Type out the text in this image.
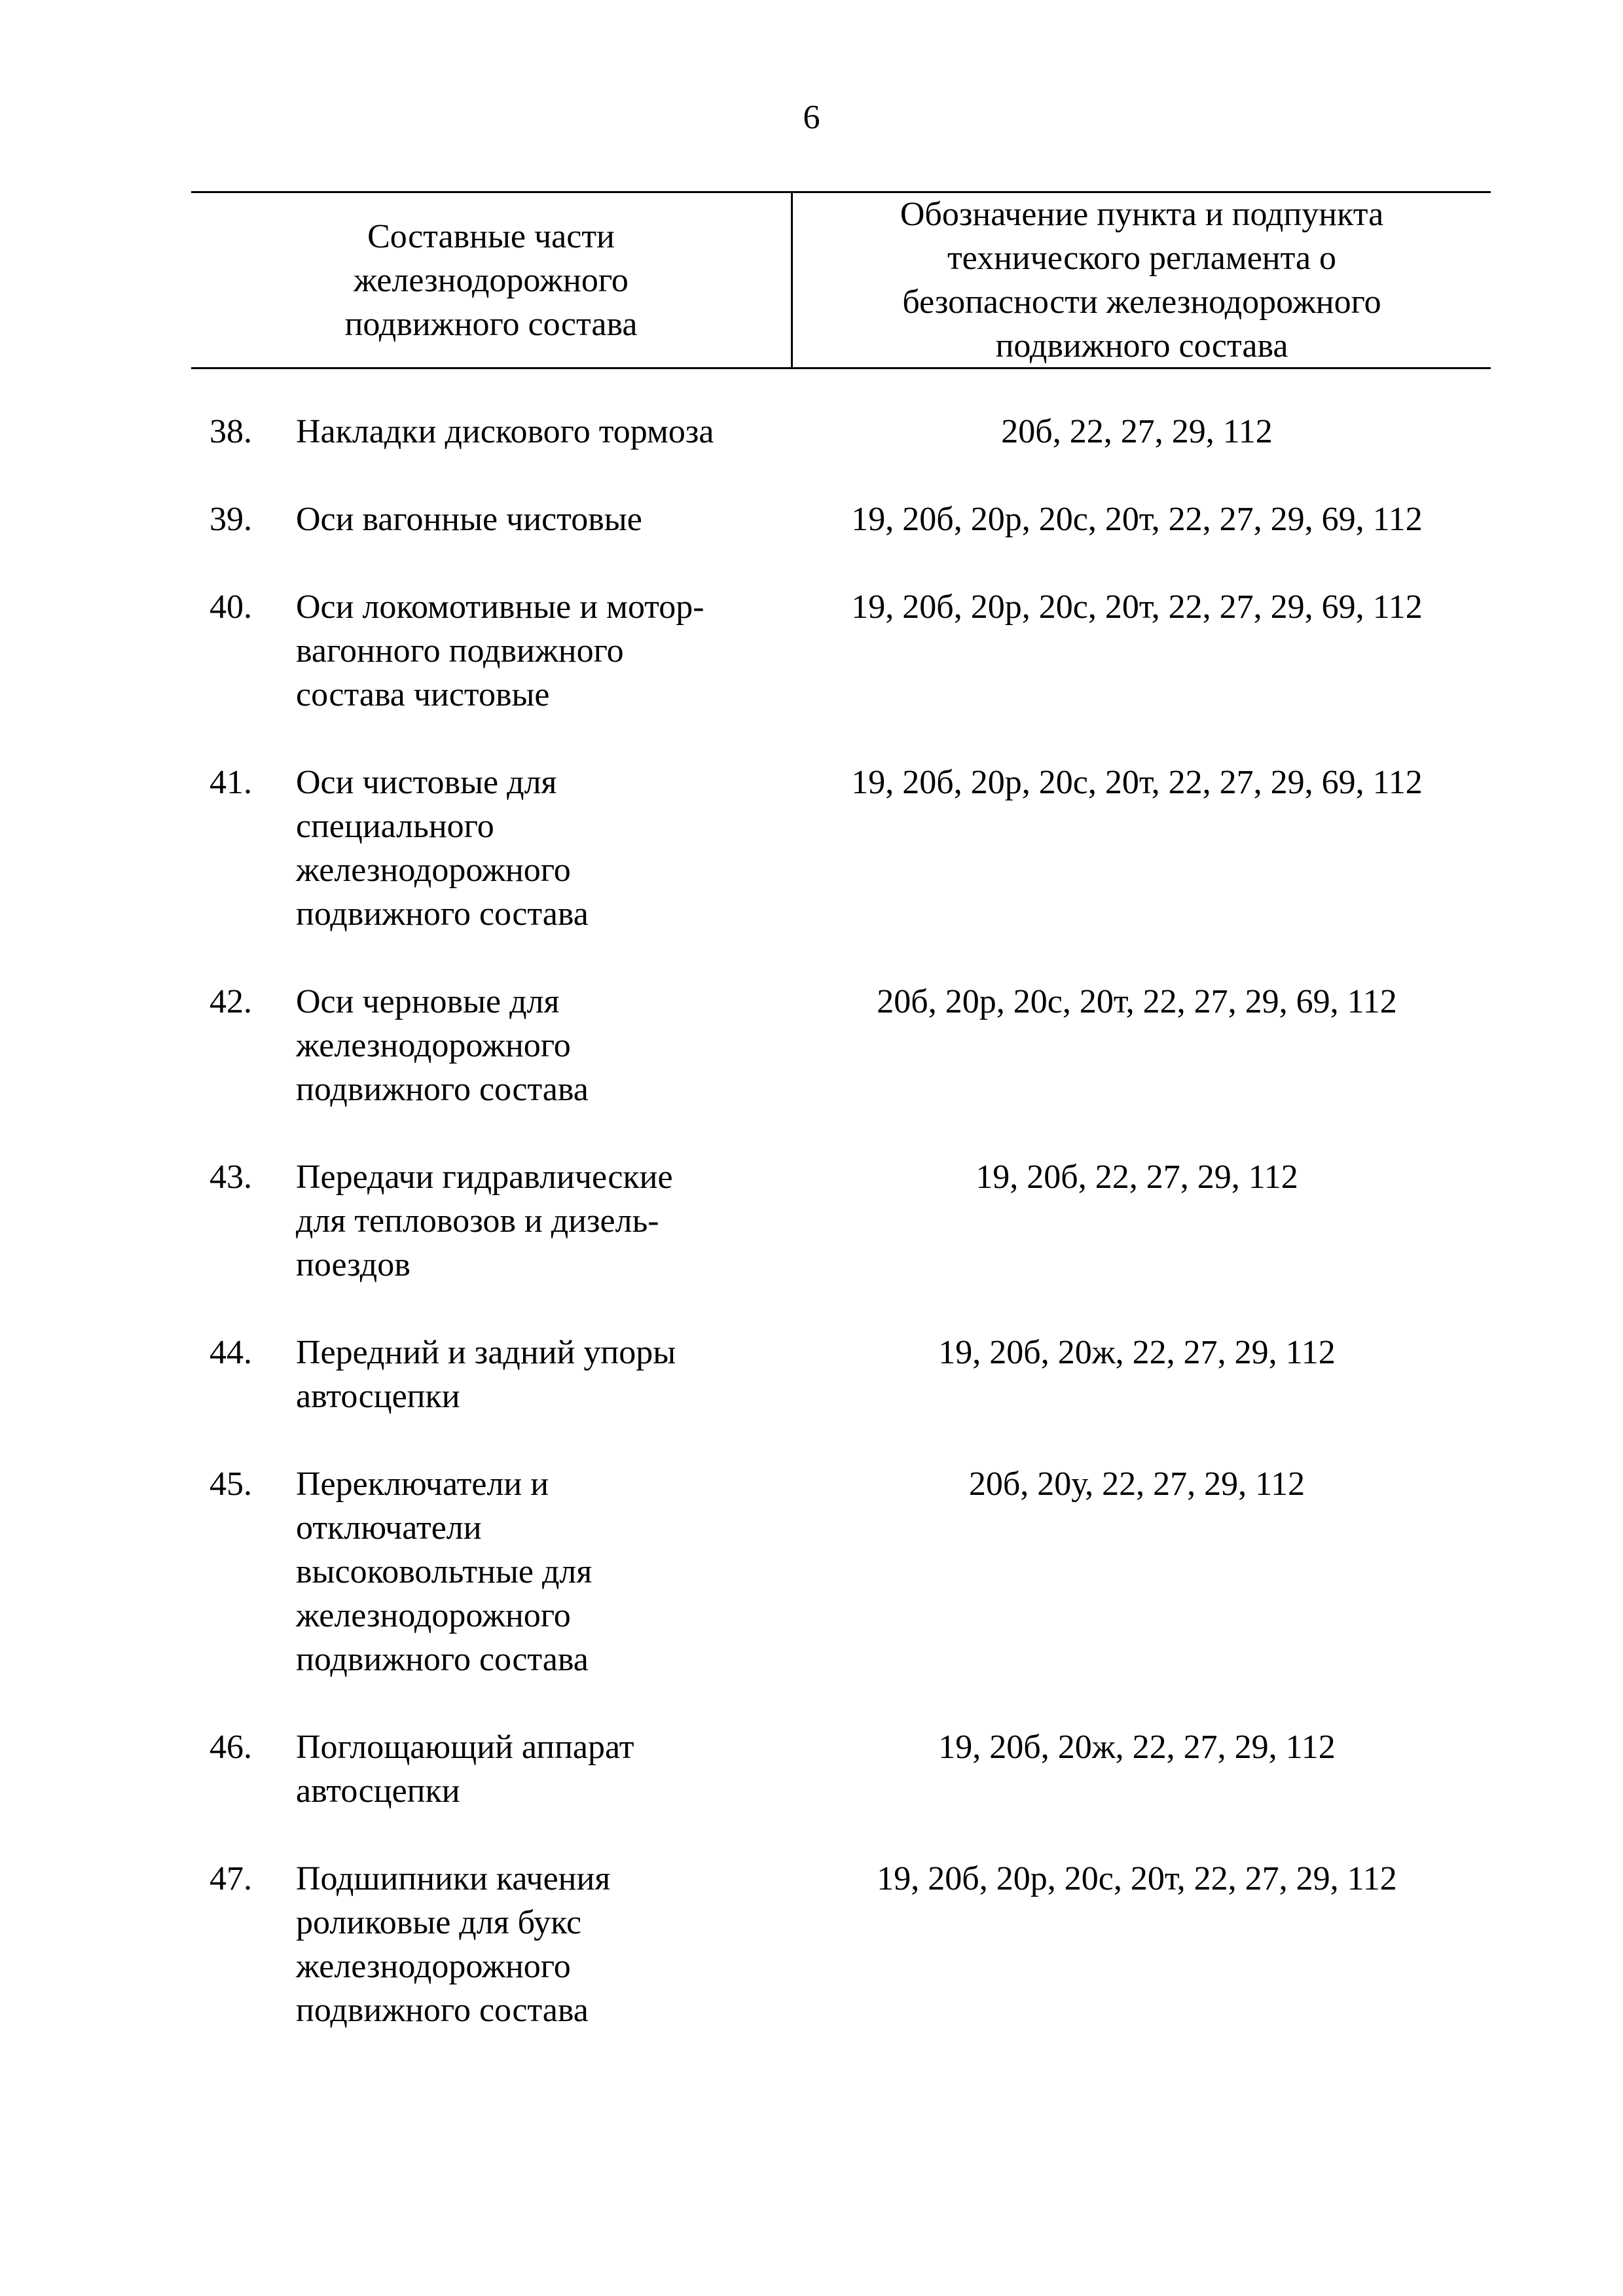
6
Составные части
железнодорожного
подвижного состава
Обозначение пункта и подпункта
технического регламента о
безопасности железнодорожного
подвижного состава
38.	Накладки дискового тормоза	20б, 22, 27, 29, 112
39.	Оси вагонные чистовые	19, 20б, 20р, 20с, 20т, 22, 27, 29, 69, 112
40.	Оси локомотивные и мотор-
вагонного подвижного
состава чистовые
19, 20б, 20р, 20с, 20т, 22, 27, 29, 69, 112
41.	Оси чистовые для
специального
железнодорожного
подвижного состава
19, 20б, 20р, 20с, 20т, 22, 27, 29, 69, 112
42.	Оси черновые для
железнодорожного
подвижного состава
20б, 20р, 20с, 20т, 22, 27, 29, 69, 112
43.	Передачи гидравлические
для тепловозов и дизель-
поездов
19, 20б, 22, 27, 29, 112
44.	Передний и задний упоры
автосцепки
19, 20б, 20ж, 22, 27, 29, 112
45.	Переключатели и
отключатели
высоковольтные для
железнодорожного
подвижного состава
20б, 20у, 22, 27, 29, 112
46.	Поглощающий аппарат
автосцепки
19, 20б, 20ж, 22, 27, 29, 112
47.	Подшипники качения
роликовые для букс
железнодорожного
подвижного состава
19, 20б, 20р, 20с, 20т, 22, 27, 29, 112
